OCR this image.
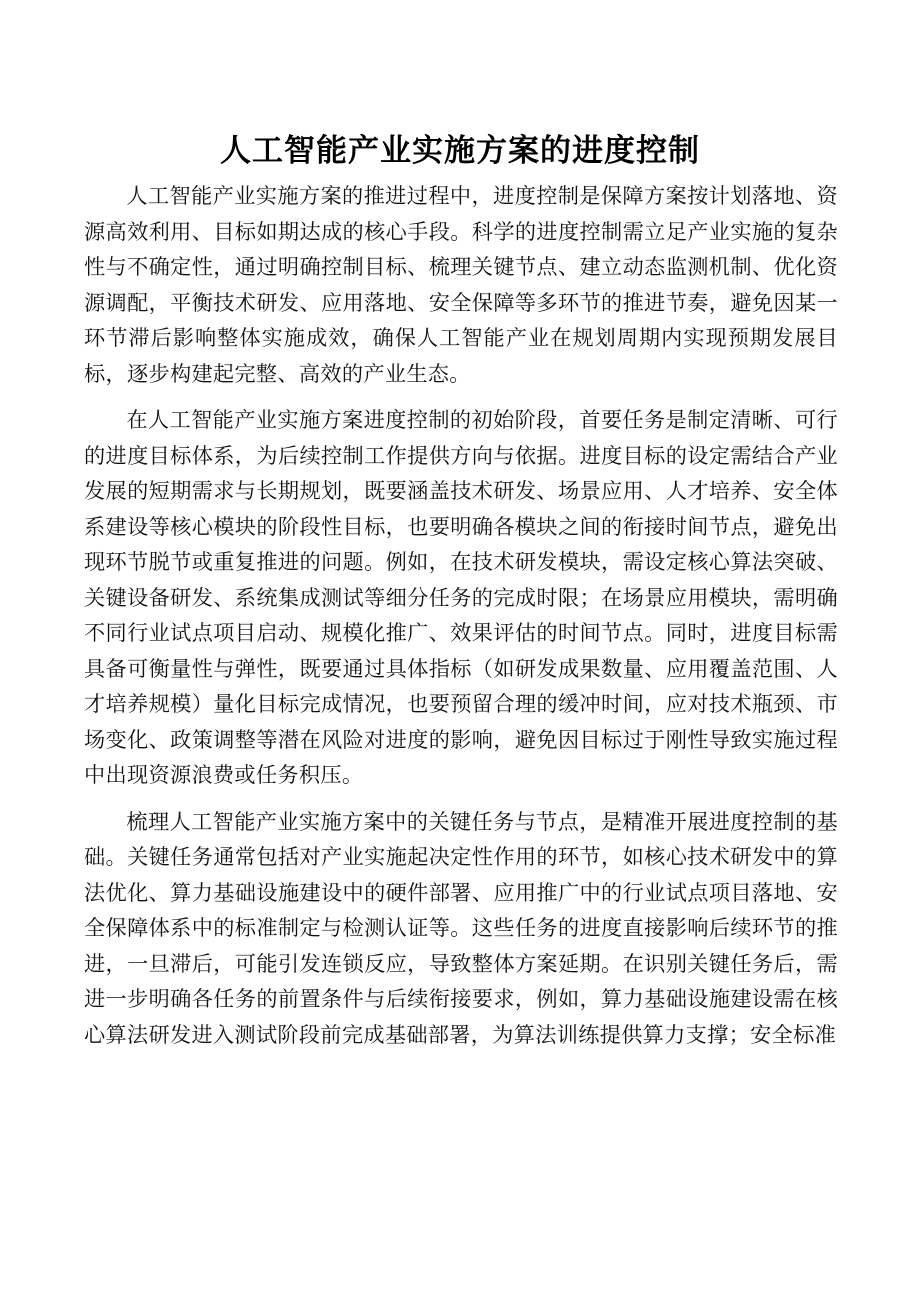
人工智能产业实施方案的进度控制

人工智能产业实施方案的推进过程中，进度控制是保障方案按计划落地、资源高效利用、目标如期达成的核心手段。科学的进度控制需立足产业实施的复杂性与不确定性，通过明确控制目标、梳理关键节点、建立动态监测机制、优化资源调配，平衡技术研发、应用落地、安全保障等多环节的推进节奏，避免因某一环节滞后影响整体实施成效，确保人工智能产业在规划周期内实现预期发展目标，逐步构建起完整、高效的产业生态。

在人工智能产业实施方案进度控制的初始阶段，首要任务是制定清晰、可行的进度目标体系，为后续控制工作提供方向与依据。进度目标的设定需结合产业发展的短期需求与长期规划，既要涵盖技术研发、场景应用、人才培养、安全体系建设等核心模块的阶段性目标，也要明确各模块之间的衔接时间节点，避免出现环节脱节或重复推进的问题。例如，在技术研发模块，需设定核心算法突破、关键设备研发、系统集成测试等细分任务的完成时限；在场景应用模块，需明确不同行业试点项目启动、规模化推广、效果评估的时间节点。同时，进度目标需具备可衡量性与弹性，既要通过具体指标（如研发成果数量、应用覆盖范围、人才培养规模）量化目标完成情况，也要预留合理的缓冲时间，应对技术瓶颈、市场变化、政策调整等潜在风险对进度的影响，避免因目标过于刚性导致实施过程中出现资源浪费或任务积压。

梳理人工智能产业实施方案中的关键任务与节点，是精准开展进度控制的基础。关键任务通常包括对产业实施起决定性作用的环节，如核心技术研发中的算法优化、算力基础设施建设中的硬件部署、应用推广中的行业试点项目落地、安全保障体系中的标准制定与检测认证等。这些任务的进度直接影响后续环节的推进，一旦滞后，可能引发连锁反应，导致整体方案延期。在识别关键任务后，需进一步明确各任务的前置条件与后续衔接要求，例如，算力基础设施建设需在核心算法研发进入测试阶段前完成基础部署，为算法训练提供算力支撑；安全标准
